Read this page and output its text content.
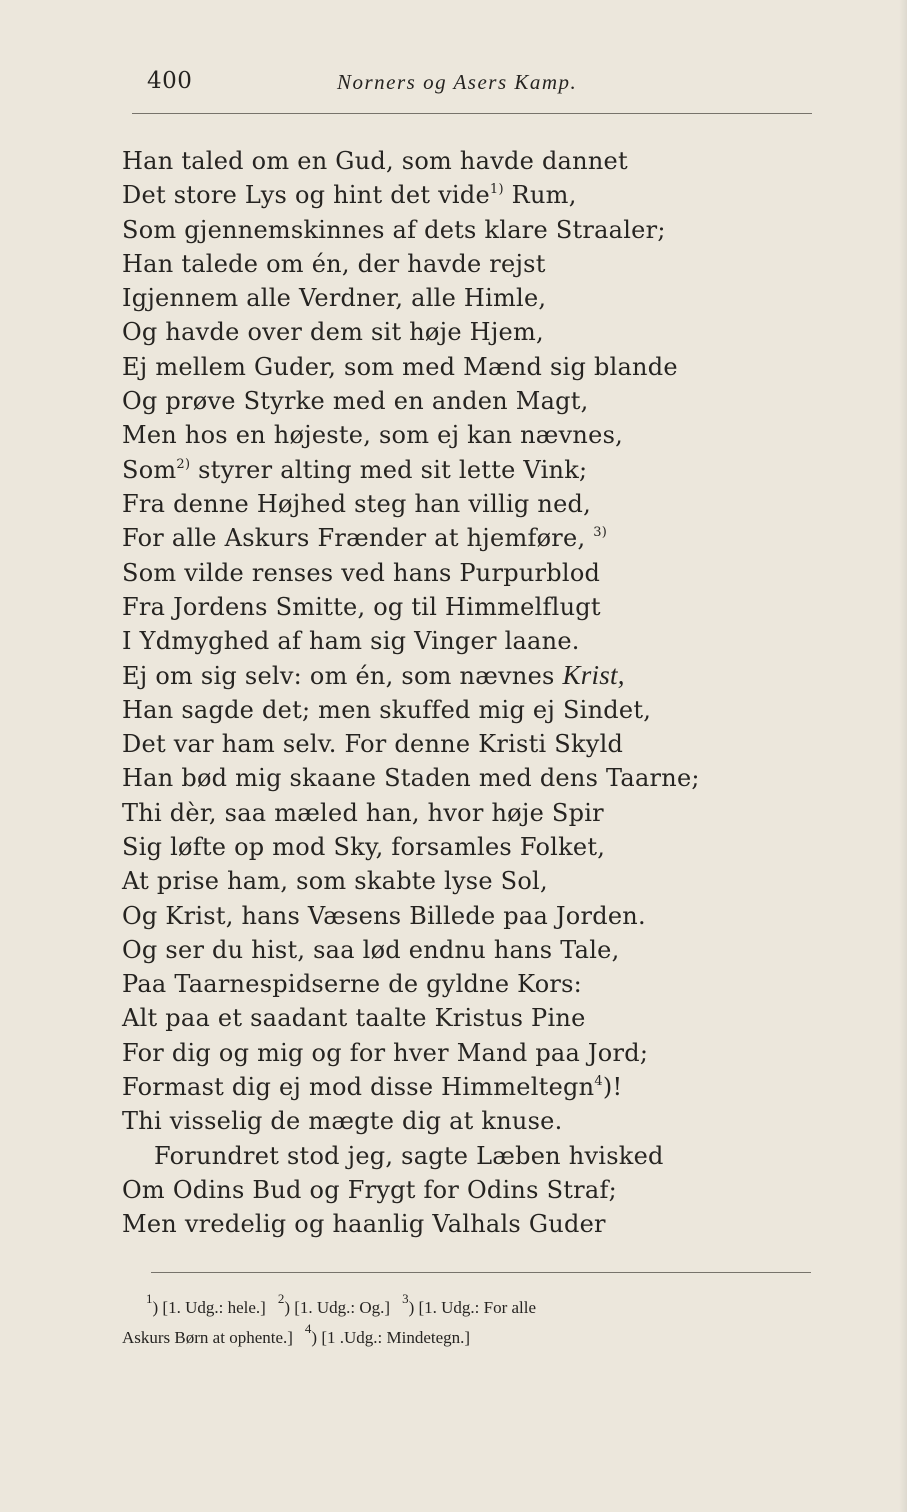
400	Norners og Asers Kamp.
Han taled om en Gud, som havde dannet
Det store Lys og hint det vide$^{1)}$ Rum,
Som gjennemskinnes af dets klare Straaler;
Han talede om én, der havde rejst
Igjennem alle Verdner, alle Himle,
Og havde over dem sit høje Hjem,
Ej mellem Guder, som med Mænd sig blande
Og prøve Styrke med en anden Magt,
Men hos en højeste, som ej kan nævnes,
Som$^{2)}$ styrer alting med sit lette Vink;
Fra denne Højhed steg han villig ned,
For alle Askurs Frænder at hjemføre, $^{3)}$
Som vilde renses ved hans Purpurblod
Fra Jordens Smitte, og til Himmelflugt
I Ydmyghed af ham sig Vinger laane.
Ej om sig selv: om én, som nævnes Krist,
Han sagde det; men skuffed mig ej Sindet,
Det var ham selv. For denne Kristi Skyld
Han bød mig skaane Staden med dens Taarne;
Thi dèr, saa mæled han, hvor høje Spir
Sig løfte op mod Sky, forsamles Folket,
At prise ham, som skabte lyse Sol,
Og Krist, hans Væsens Billede paa Jorden.
Og ser du hist, saa lød endnu hans Tale,
Paa Taarnespidserne de gyldne Kors:
Alt paa et saadant taalte Kristus Pine
For dig og mig og for hver Mand paa Jord;
Formast dig ej mod disse Himmeltegn$^4$)!
Thi visselig de mægte dig at knuse.
Forundret stod jeg, sagte Læben hvisked
Om Odins Bud og Frygt for Odins Straf;
Men vredelig og haanlig Valhals Guder
$^1$) [1. Udg.: hele.] $^2$) [1. Udg.: Og.] $^3$) [1. Udg.: For alle
Askurs Børn at ophente.] $^4$) [1 .Udg.: Mindetegn.]
